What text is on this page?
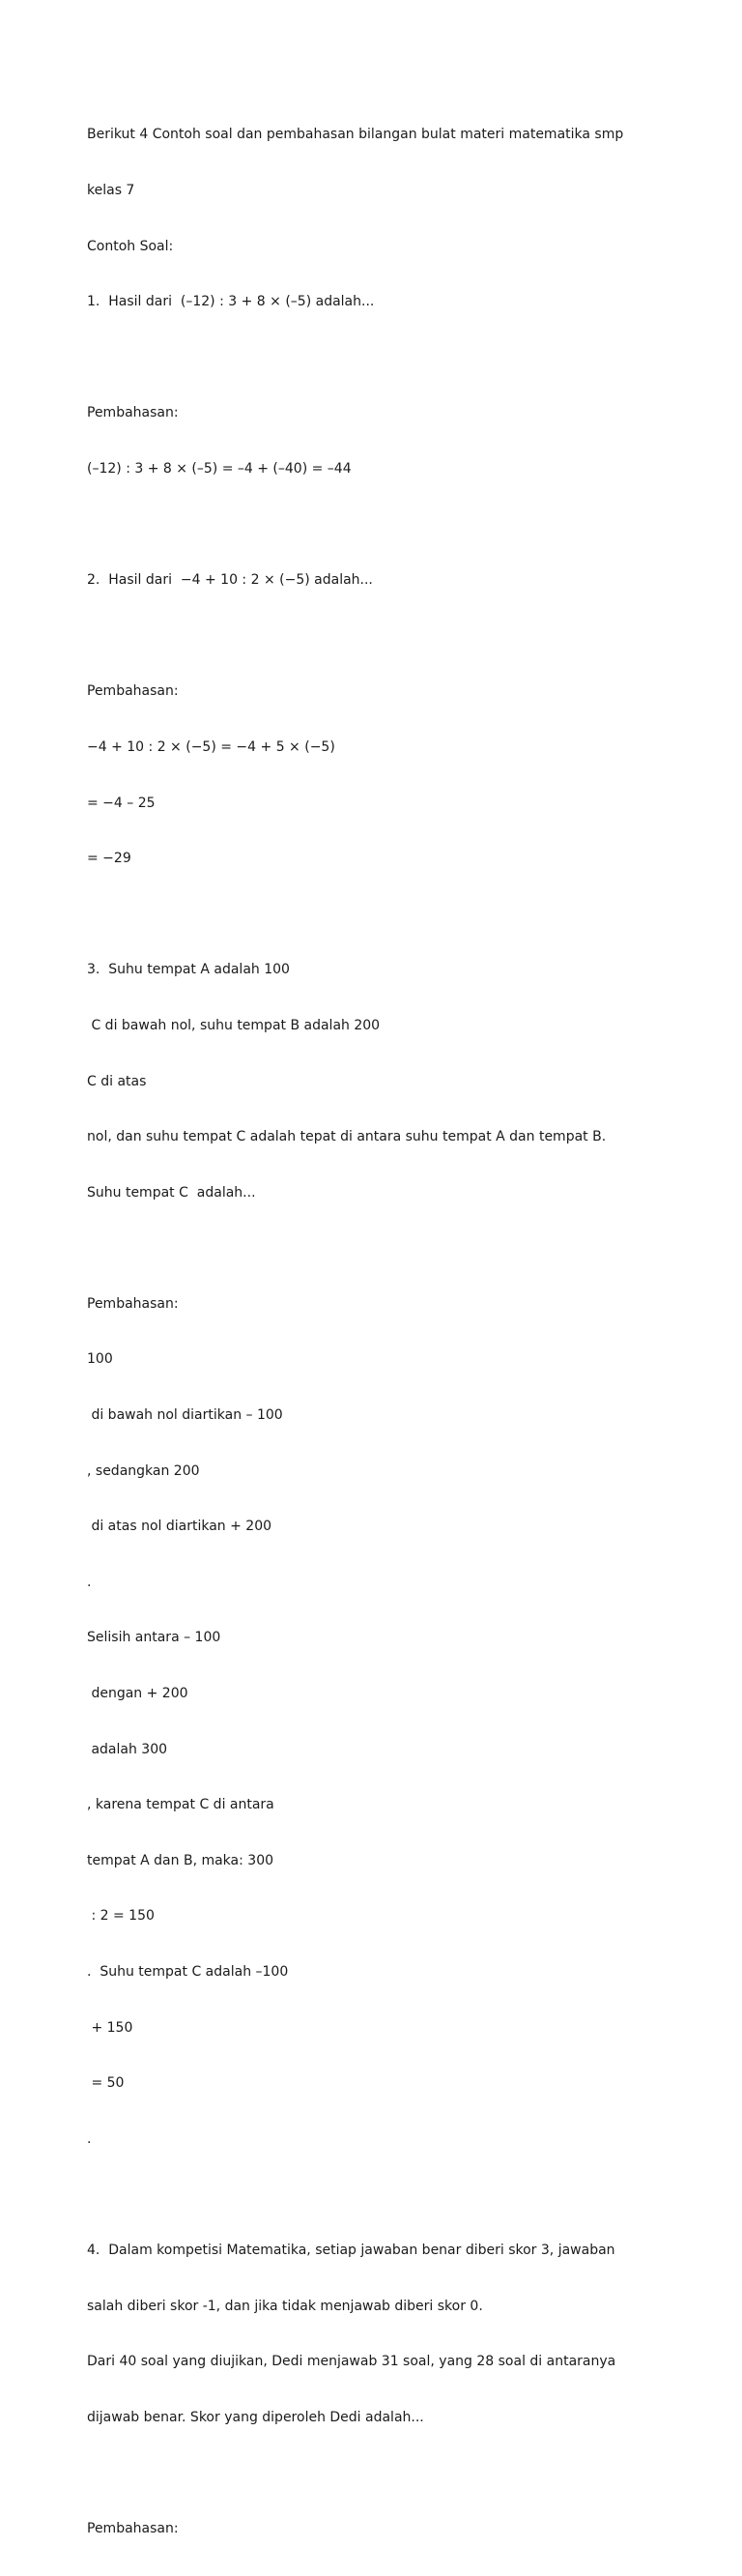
Berikut 4 Contoh soal dan pembahasan bilangan bulat materi matematika smp

kelas 7

Contoh Soal:

1.  Hasil dari  (–12) : 3 + 8 × (–5) adalah...

Pembahasan:

(–12) : 3 + 8 × (–5) = –4 + (–40) = –44

2.  Hasil dari  −4 + 10 : 2 × (−5) adalah...

Pembahasan:

−4 + 10 : 2 × (−5) = −4 + 5 × (−5)

= −4 – 25

= −29

3.  Suhu tempat A adalah 100

C di bawah nol, suhu tempat B adalah 200

C di atas

nol, dan suhu tempat C adalah tepat di antara suhu tempat A dan tempat B.

Suhu tempat C  adalah...

Pembahasan:

100

di bawah nol diartikan – 100

, sedangkan 200

di atas nol diartikan + 200

.

Selisih antara – 100

dengan + 200

adalah 300

, karena tempat C di antara

tempat A dan B, maka: 300

: 2 = 150

.  Suhu tempat C adalah –100

+ 150

= 50

.

4.  Dalam kompetisi Matematika, setiap jawaban benar diberi skor 3, jawaban

salah diberi skor -1, dan jika tidak menjawab diberi skor 0.

Dari 40 soal yang diujikan, Dedi menjawab 31 soal, yang 28 soal di antaranya

dijawab benar. Skor yang diperoleh Dedi adalah...

Pembahasan:
